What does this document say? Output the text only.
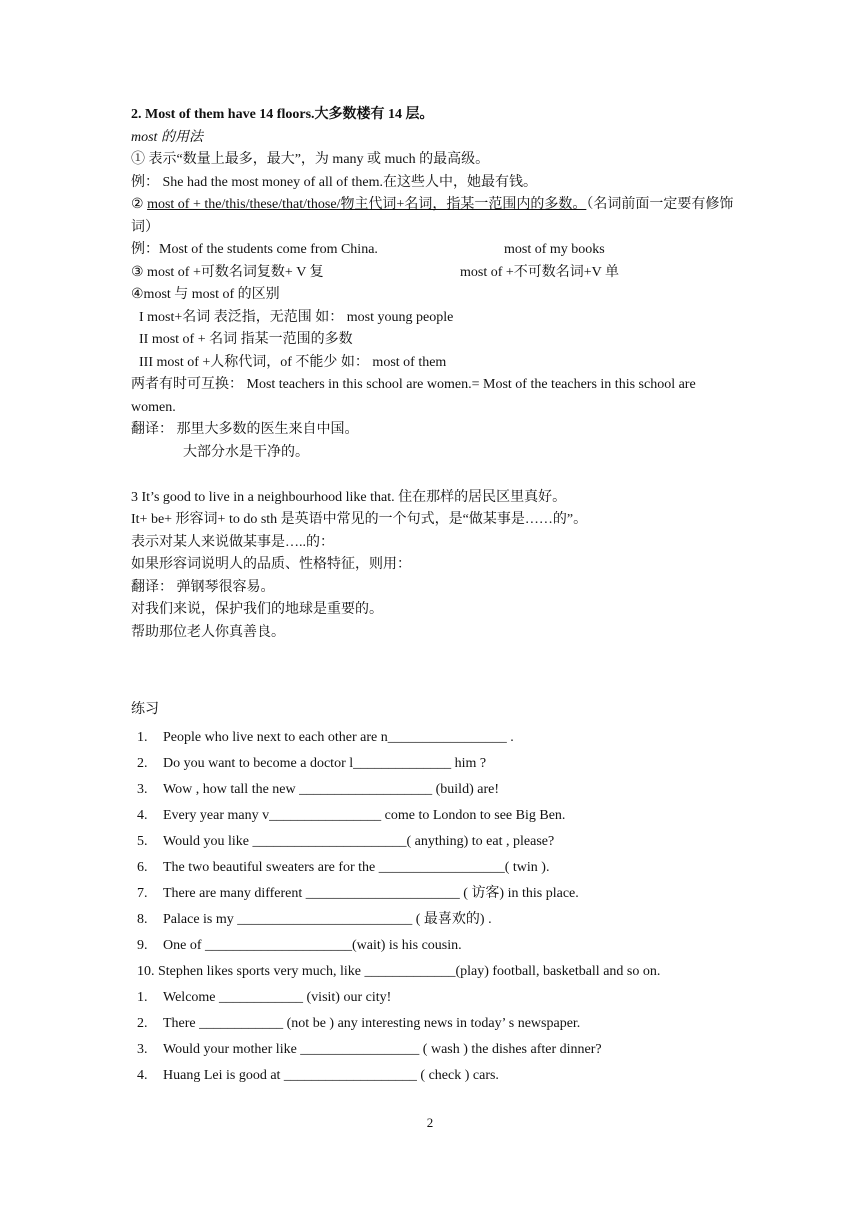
2. Most of them have 14 floors.大多数楼有 14 层。
most 的用法
① 表示“数量上最多，最大”，为 many 或 much 的最高级。
例： She had the most money of all of them.在这些人中，她最有钱。
② most of + the/this/these/that/those/物主代词+名词，指某一范围内的多数。（名词前面一定要有修饰词）
例：Most of the students come from China.	most of my books
③ most of +可数名词复数+ V 复	most of +不可数名词+V 单
④most 与 most of 的区别
I most+名词 表泛指，无范围 如： most young people
II most of + 名词 指某一范围的多数
III most of +人称代词，of 不能少 如： most of them
两者有时可互换： Most teachers in this school are women.= Most of the teachers in this school are women.
翻译： 那里大多数的医生来自中国。
大部分水是干净的。
3 It’s good to live in a neighbourhood like that. 住在那样的居民区里真好。
It+ be+ 形容词+ to do sth 是英语中常见的一个句式，是“做某事是……的”。
表示对某人来说做某事是…..的：
如果形容词说明人的品质、性格特征，则用：
翻译： 弹钢琴很容易。
对我们来说，保护我们的地球是重要的。
帮助那位老人你真善良。
练习
1. People who live next to each other are n_________________ .
2. Do you want to become a doctor l______________ him ?
3. Wow , how tall the new ___________________ (build) are!
4. Every year many v________________ come to London to see Big Ben.
5. Would you like ______________________( anything) to eat , please?
6. The two beautiful sweaters are for the __________________( twin ).
7. There are many different ______________________ ( 访客) in this place.
8. Palace is my _________________________ ( 最喜欢的) .
9. One of _____________________(wait) is his cousin.
10. Stephen likes sports very much, like _____________(play) football, basketball and so on.
1. Welcome ____________ (visit) our city!
2. There ____________ (not be ) any interesting news in today’ s newspaper.
3. Would your mother like _________________ ( wash ) the dishes after dinner?
4. Huang Lei is good at ___________________ ( check ) cars.
2
